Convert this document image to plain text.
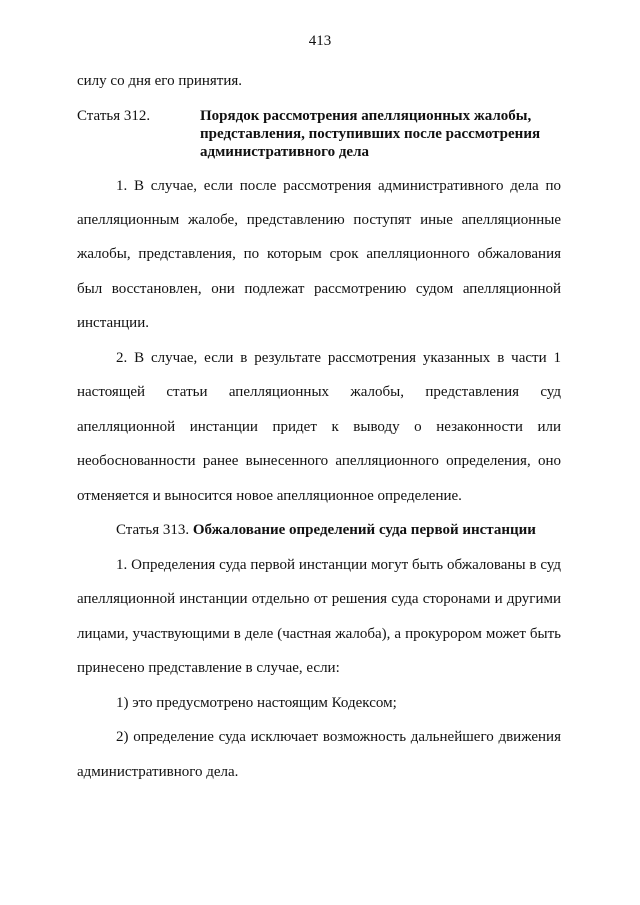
413
силу со дня его принятия.
Статья 312.	Порядок рассмотрения апелляционных жалобы,
представления, поступивших после рассмотрения
административного дела
1. В случае, если после рассмотрения административного дела по
апелляционным жалобе, представлению поступят иные апелляционные
жалобы, представления, по которым срок апелляционного обжалования
был восстановлен, они подлежат рассмотрению судом апелляционной
инстанции.
2. В случае, если в результате рассмотрения указанных в части 1
настоящей статьи апелляционных жалобы, представления суд
апелляционной инстанции придет к выводу о незаконности или
необоснованности ранее вынесенного апелляционного определения, оно
отменяется и выносится новое апелляционное определение.
Статья 313. Обжалование определений суда первой инстанции
1. Определения суда первой инстанции могут быть обжалованы в суд
апелляционной инстанции отдельно от решения суда сторонами и другими
лицами, участвующими в деле (частная жалоба), а прокурором может быть
принесено представление в случае, если:
1) это предусмотрено настоящим Кодексом;
2) определение суда исключает возможность дальнейшего движения
административного дела.
